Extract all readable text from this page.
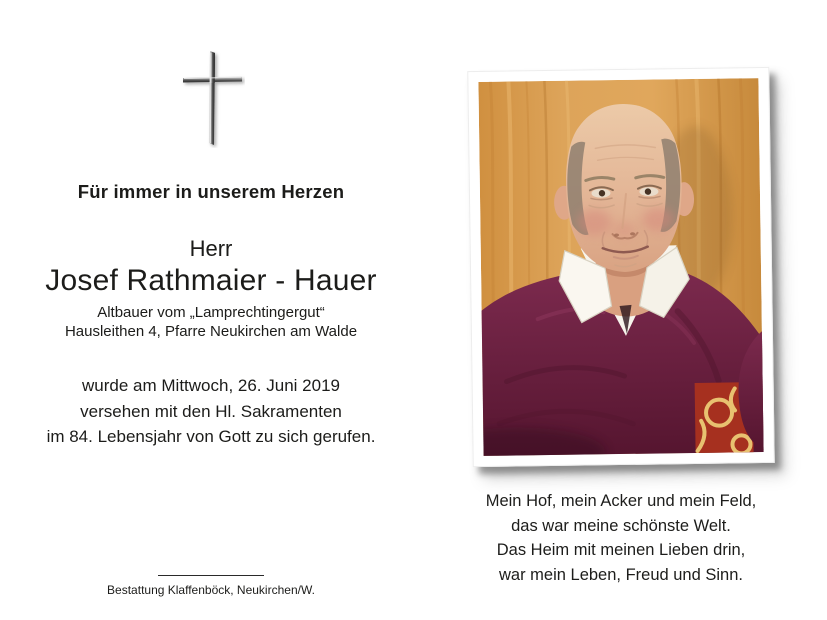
Für immer in unserem Herzen
Herr
Josef Rathmaier - Hauer
Altbauer vom „Lamprechtingergut“
Hausleithen 4, Pfarre Neukirchen am Walde
wurde am Mittwoch, 26. Juni 2019
versehen mit den Hl. Sakramenten
im 84. Lebensjahr von Gott zu sich gerufen.
Bestattung Klaffenböck, Neukirchen/W.
Mein Hof, mein Acker und mein Feld,
das war meine schönste Welt.
Das Heim mit meinen Lieben drin,
war mein Leben, Freud und Sinn.
